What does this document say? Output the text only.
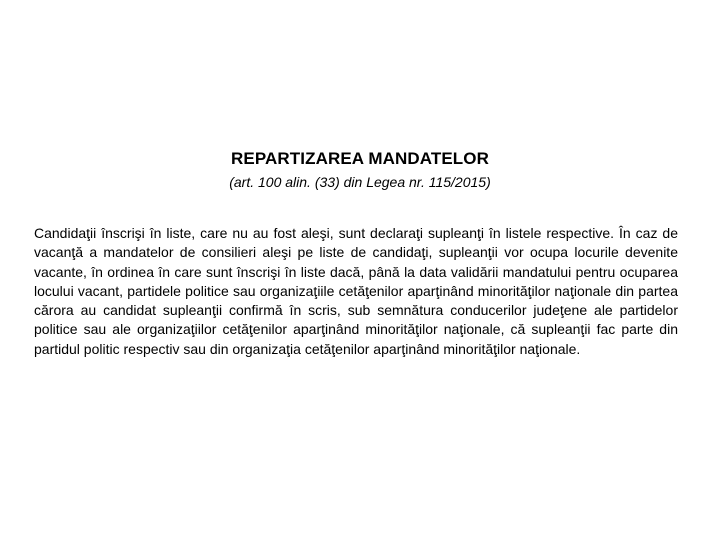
REPARTIZAREA MANDATELOR

(art. 100 alin. (33) din Legea nr. 115/2015)

Candidaţii înscrişi în liste, care nu au fost aleşi, sunt declaraţi supleanţi în listele respective. În caz de vacanţă a mandatelor de consilieri aleşi pe liste de candidaţi, supleanţii vor ocupa locurile devenite vacante, în ordinea în care sunt înscrişi în liste dacă, până la data validării mandatului pentru ocuparea locului vacant, partidele politice sau organizaţiile cetăţenilor aparţinând minorităţilor naţionale din partea cărora au candidat supleanţii confirmă în scris, sub semnătura conducerilor judeţene ale partidelor politice sau ale organizaţiilor cetăţenilor aparţinând minorităţilor naţionale, că supleanţii fac parte din partidul politic respectiv sau din organizaţia cetăţenilor aparţinând minorităţilor naţionale.
